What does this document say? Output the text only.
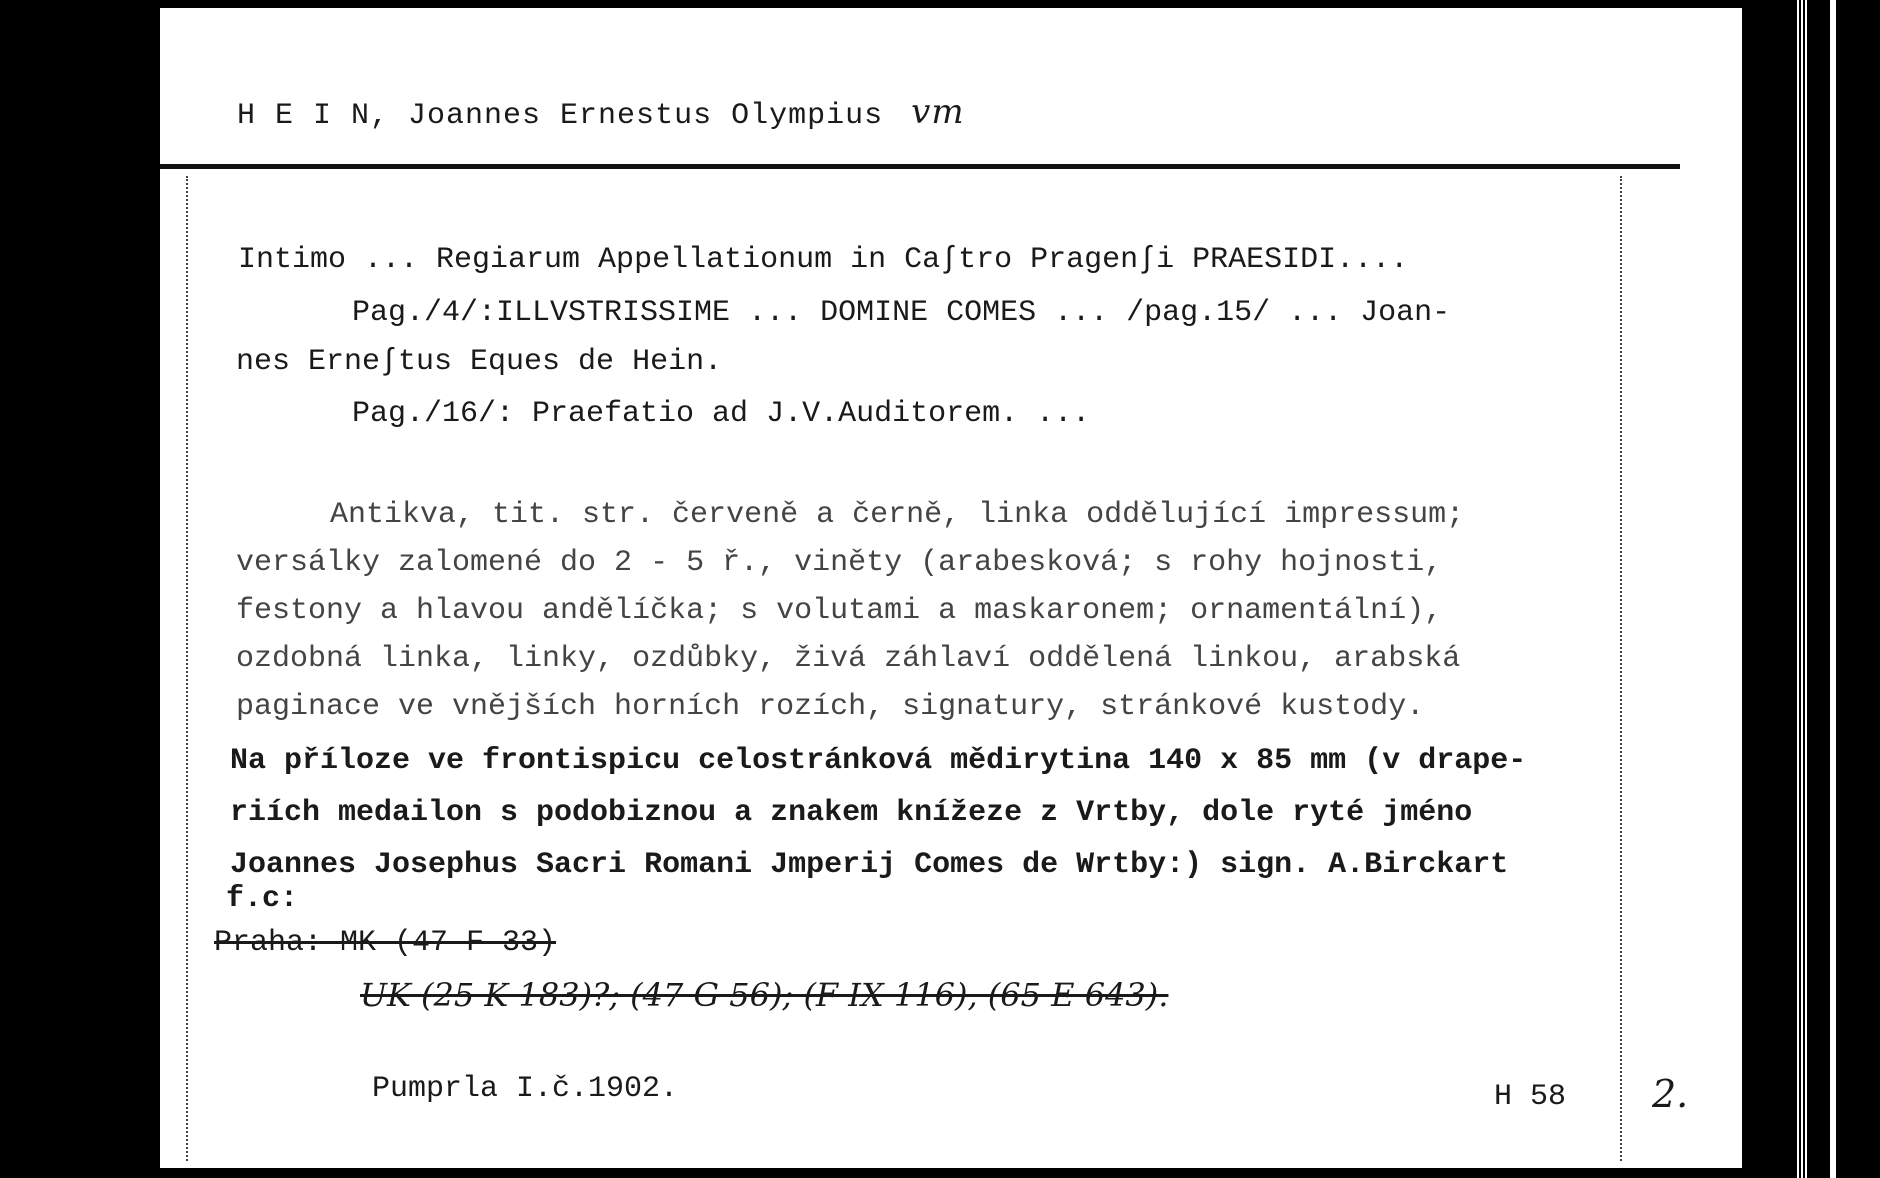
H E I N, Joannes Ernestus Olympius vm
Intimo ... Regiarum Appellationum in Ca∫tro Pragen∫i PRAESIDI....
Pag./4/:ILLVSTRISSIME ... DOMINE COMES ... /pag.15/ ... Joan-
nes Erne∫tus Eques de Hein.
Pag./16/: Praefatio ad J.V.Auditorem. ...
Antikva, tit. str. červeně a černě, linka oddělující impressum;
versálky zalomené do 2 - 5 ř., viněty (arabesková; s rohy hojnosti,
festony a hlavou andělíčka; s volutami a maskaronem; ornamentální),
ozdobná linka, linky, ozdůbky, živá záhlaví oddělená linkou, arabská
paginace ve vnějších horních rozích, signatury, stránkové kustody.
Na příloze ve frontispicu celostránková mědirytina 140 x 85 mm (v drape-
riích medailon s podobiznou a znakem knížeze z Vrtby, dole ryté jméno
Joannes Josephus Sacri Romani Jmperij Comes de Wrtby:) sign. A.Birckart
f.c:
Praha: MK (47 F 33)
UK (25 K 183)?; (47 G 56); (F IX 116), (65 E 643).
Pumprla I.č.1902.	H 58 2.
